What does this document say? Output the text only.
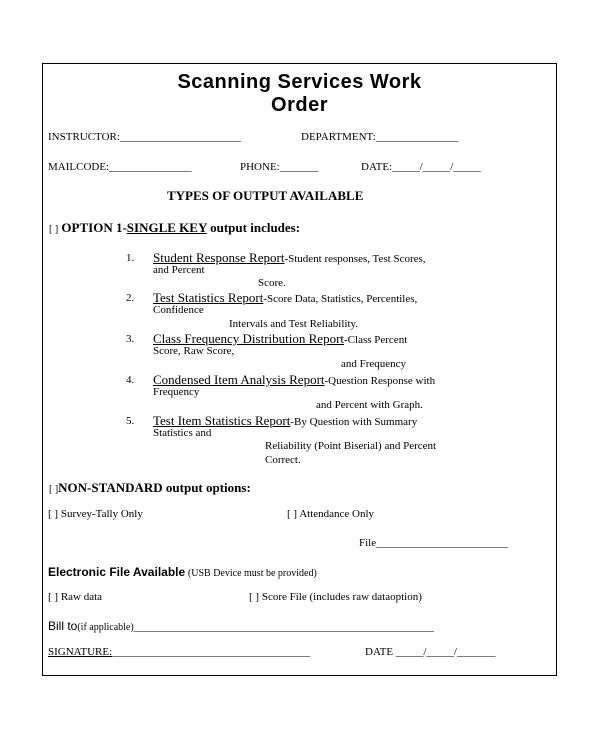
Scanning Services Work
Order
INSTRUCTOR:______________________	DEPARTMENT:_______________
MAILCODE:_______________	PHONE:_______	DATE:_____/_____/_____
TYPES OF OUTPUT AVAILABLE
[ ] OPTION 1-SINGLE KEY output includes:
1. Student Response Report-Student responses, Test Scores,
and Percent
Score.
2. Test Statistics Report-Score Data, Statistics, Percentiles,
Confidence
Intervals and Test Reliability.
3. Class Frequency Distribution Report-Class Percent
Score, Raw Score,
and Frequency
4. Condensed Item Analysis Report-Question Response with
Frequency
and Percent with Graph.
5. Test Item Statistics Report-By Question with Summary
Statistics and
Reliability (Point Biserial) and Percent
Correct.
[ ]NON-STANDARD output options:
[ ] Survey-Tally Only	[ ] Attendance Only
File________________________
Electronic File Available (USB Device must be provided)
[ ] Raw data	[ ] Score File (includes raw dataoption)
Bill to(if applicable)____________________________________________________________
SIGNATURE:____________________________________	DATE _____/_____/_______
